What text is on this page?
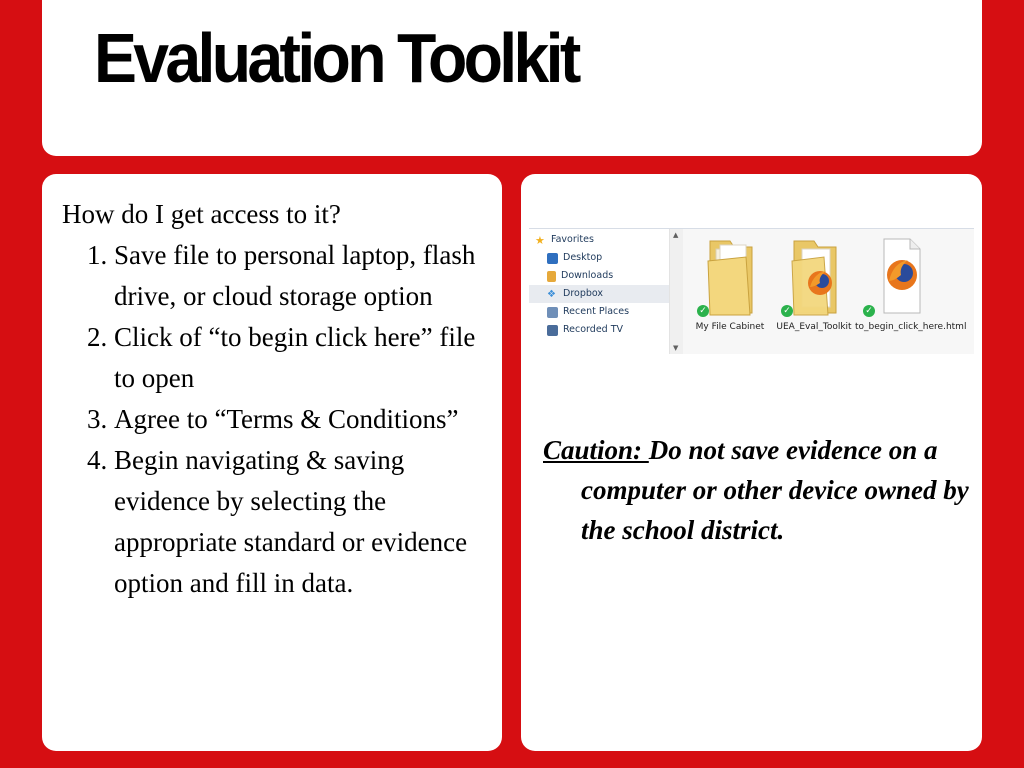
Evaluation Toolkit
How do I get access to it?
1. Save file to personal laptop, flash drive, or cloud storage option
2. Click of “to begin click here” file to open
3. Agree to “Terms & Conditions”
4. Begin navigating & saving evidence by selecting the appropriate standard or evidence option and fill in data.
★ Favorites
Desktop
Downloads
❖ Dropbox
Recent Places
Recorded TV
▲
▼
✓
My File Cabinet
✓
UEA_Eval_Toolkit
✓
to_begin_click_here.html
Caution: Do not save evidence on a computer or other device owned by the school district.
